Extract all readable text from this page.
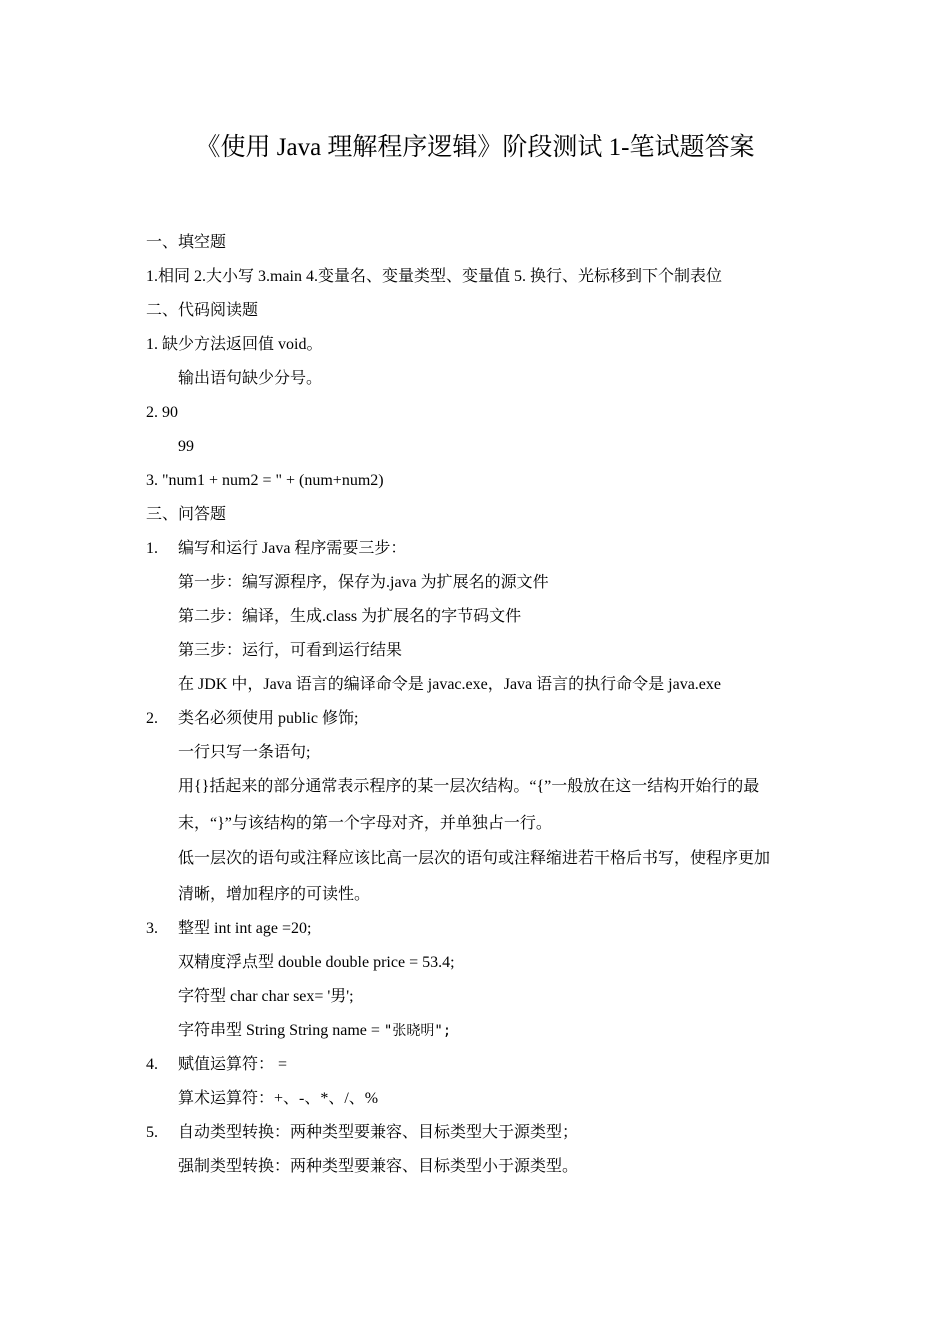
《使用 Java 理解程序逻辑》阶段测试 1-笔试题答案
一、填空题
1.相同 2.大小写 3.main 4.变量名、变量类型、变量值 5. 换行、光标移到下个制表位
二、代码阅读题
1. 缺少方法返回值 void。
输出语句缺少分号。
2. 90
99
3. "num1 + num2 = " + (num+num2)
三、问答题
1. 编写和运行 Java 程序需要三步：
第一步：编写源程序，保存为.java 为扩展名的源文件
第二步：编译，生成.class 为扩展名的字节码文件
第三步：运行，可看到运行结果
在 JDK 中，Java 语言的编译命令是 javac.exe，Java 语言的执行命令是 java.exe
2. 类名必须使用 public 修饰;
一行只写一条语句;
用{}括起来的部分通常表示程序的某一层次结构。“{”一般放在这一结构开始行的最
末，“}”与该结构的第一个字母对齐，并单独占一行。
低一层次的语句或注释应该比高一层次的语句或注释缩进若干格后书写，使程序更加
清晰，增加程序的可读性。
3. 整型 int int age =20;
双精度浮点型 double double price = 53.4;
字符型 char char sex= '男';
字符串型 String String name = "张晓明";
4. 赋值运算符： =
算术运算符：+、-、*、/、%
5. 自动类型转换：两种类型要兼容、目标类型大于源类型；
强制类型转换：两种类型要兼容、目标类型小于源类型。
